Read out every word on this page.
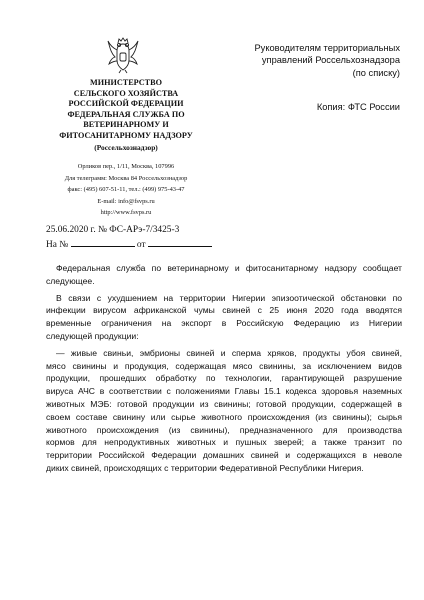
МИНИСТЕРСТВО
СЕЛЬСКОГО ХОЗЯЙСТВА
РОССИЙСКОЙ ФЕДЕРАЦИИ
ФЕДЕРАЛЬНАЯ СЛУЖБА ПО
ВЕТЕРИНАРНОМУ И
ФИТОСАНИТАРНОМУ НАДЗОРУ
(Россельхознадзор)
Орликов пер., 1/11, Москва, 107996
Для телеграмм: Москва 84 Россельхознадзор
факс: (495) 607-51-11, тел.: (499) 975-43-47
E-mail: info@fsvps.ru
http://www.fsvps.ru
25.06.2020 г. № ФС-АРэ-7/3425-3
На №	от
Руководителям территориальных
управлений Россельхознадзора
(по списку)
Копия: ФТС России
Федеральная служба по ветеринарному и фитосанитарному надзору сообщает
следующее.
В связи с ухудшением на территории Нигерии эпизоотической обстановки по
инфекции вирусом африканской чумы свиней с 25 июня 2020 года вводятся
временные ограничения на экспорт в Российскую Федерацию из Нигерии
следующей продукции:
— живые свиньи, эмбрионы свиней и сперма хряков, продукты убоя свиней,
мясо свинины и продукция, содержащая мясо свинины, за исключением видов
продукции, прошедших обработку по технологии, гарантирующей разрушение
вируса АЧС в соответствии с положениями Главы 15.1 кодекса здоровья наземных
животных МЭБ: готовой продукции из свинины; готовой продукции, содержащей в
своем составе свинину или сырье животного происхождения (из свинины); сырья
животного происхождения (из свинины), предназначенного для производства
кормов для непродуктивных животных и пушных зверей; а также транзит по
территории Российской Федерации домашних свиней и содержащихся в неволе
диких свиней, происходящих с территории Федеративной Республики Нигерия.
